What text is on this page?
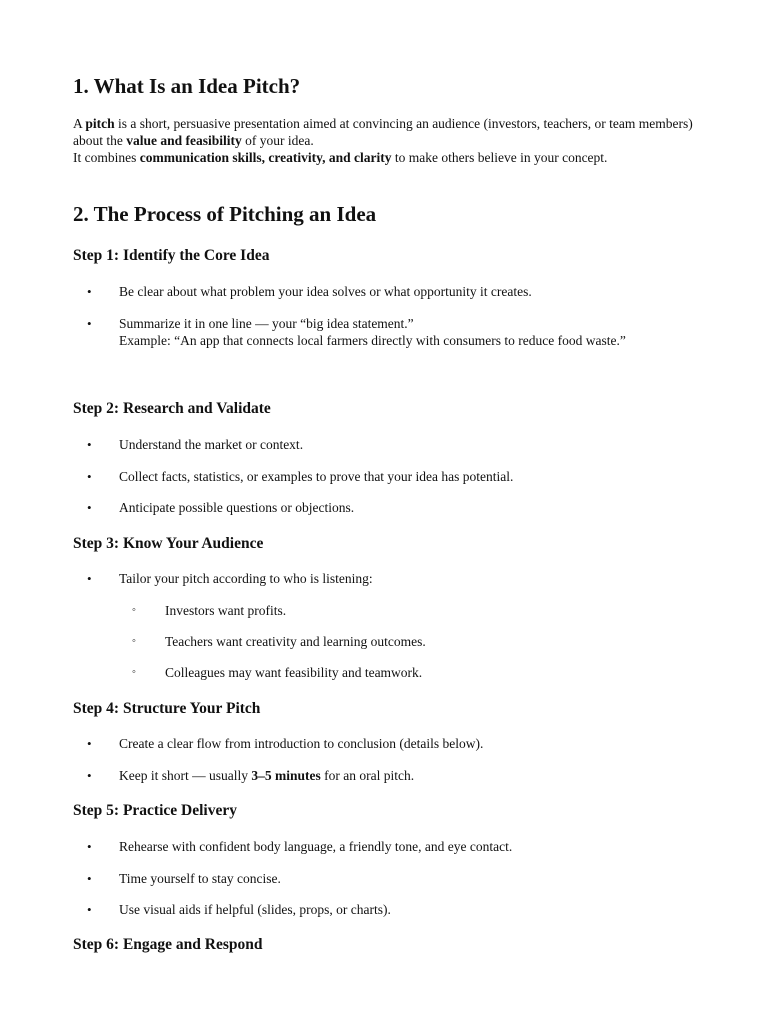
1. What Is an Idea Pitch?
A pitch is a short, persuasive presentation aimed at convincing an audience (investors, teachers, or team members) about the value and feasibility of your idea.
It combines communication skills, creativity, and clarity to make others believe in your concept.
2. The Process of Pitching an Idea
Step 1: Identify the Core Idea
• Be clear about what problem your idea solves or what opportunity it creates.
• Summarize it in one line — your “big idea statement.”
Example: “An app that connects local farmers directly with consumers to reduce food waste.”
Step 2: Research and Validate
• Understand the market or context.
• Collect facts, statistics, or examples to prove that your idea has potential.
• Anticipate possible questions or objections.
Step 3: Know Your Audience
• Tailor your pitch according to who is listening:
◦ Investors want profits.
◦ Teachers want creativity and learning outcomes.
◦ Colleagues may want feasibility and teamwork.
Step 4: Structure Your Pitch
• Create a clear flow from introduction to conclusion (details below).
• Keep it short — usually 3–5 minutes for an oral pitch.
Step 5: Practice Delivery
• Rehearse with confident body language, a friendly tone, and eye contact.
• Time yourself to stay concise.
• Use visual aids if helpful (slides, props, or charts).
Step 6: Engage and Respond
